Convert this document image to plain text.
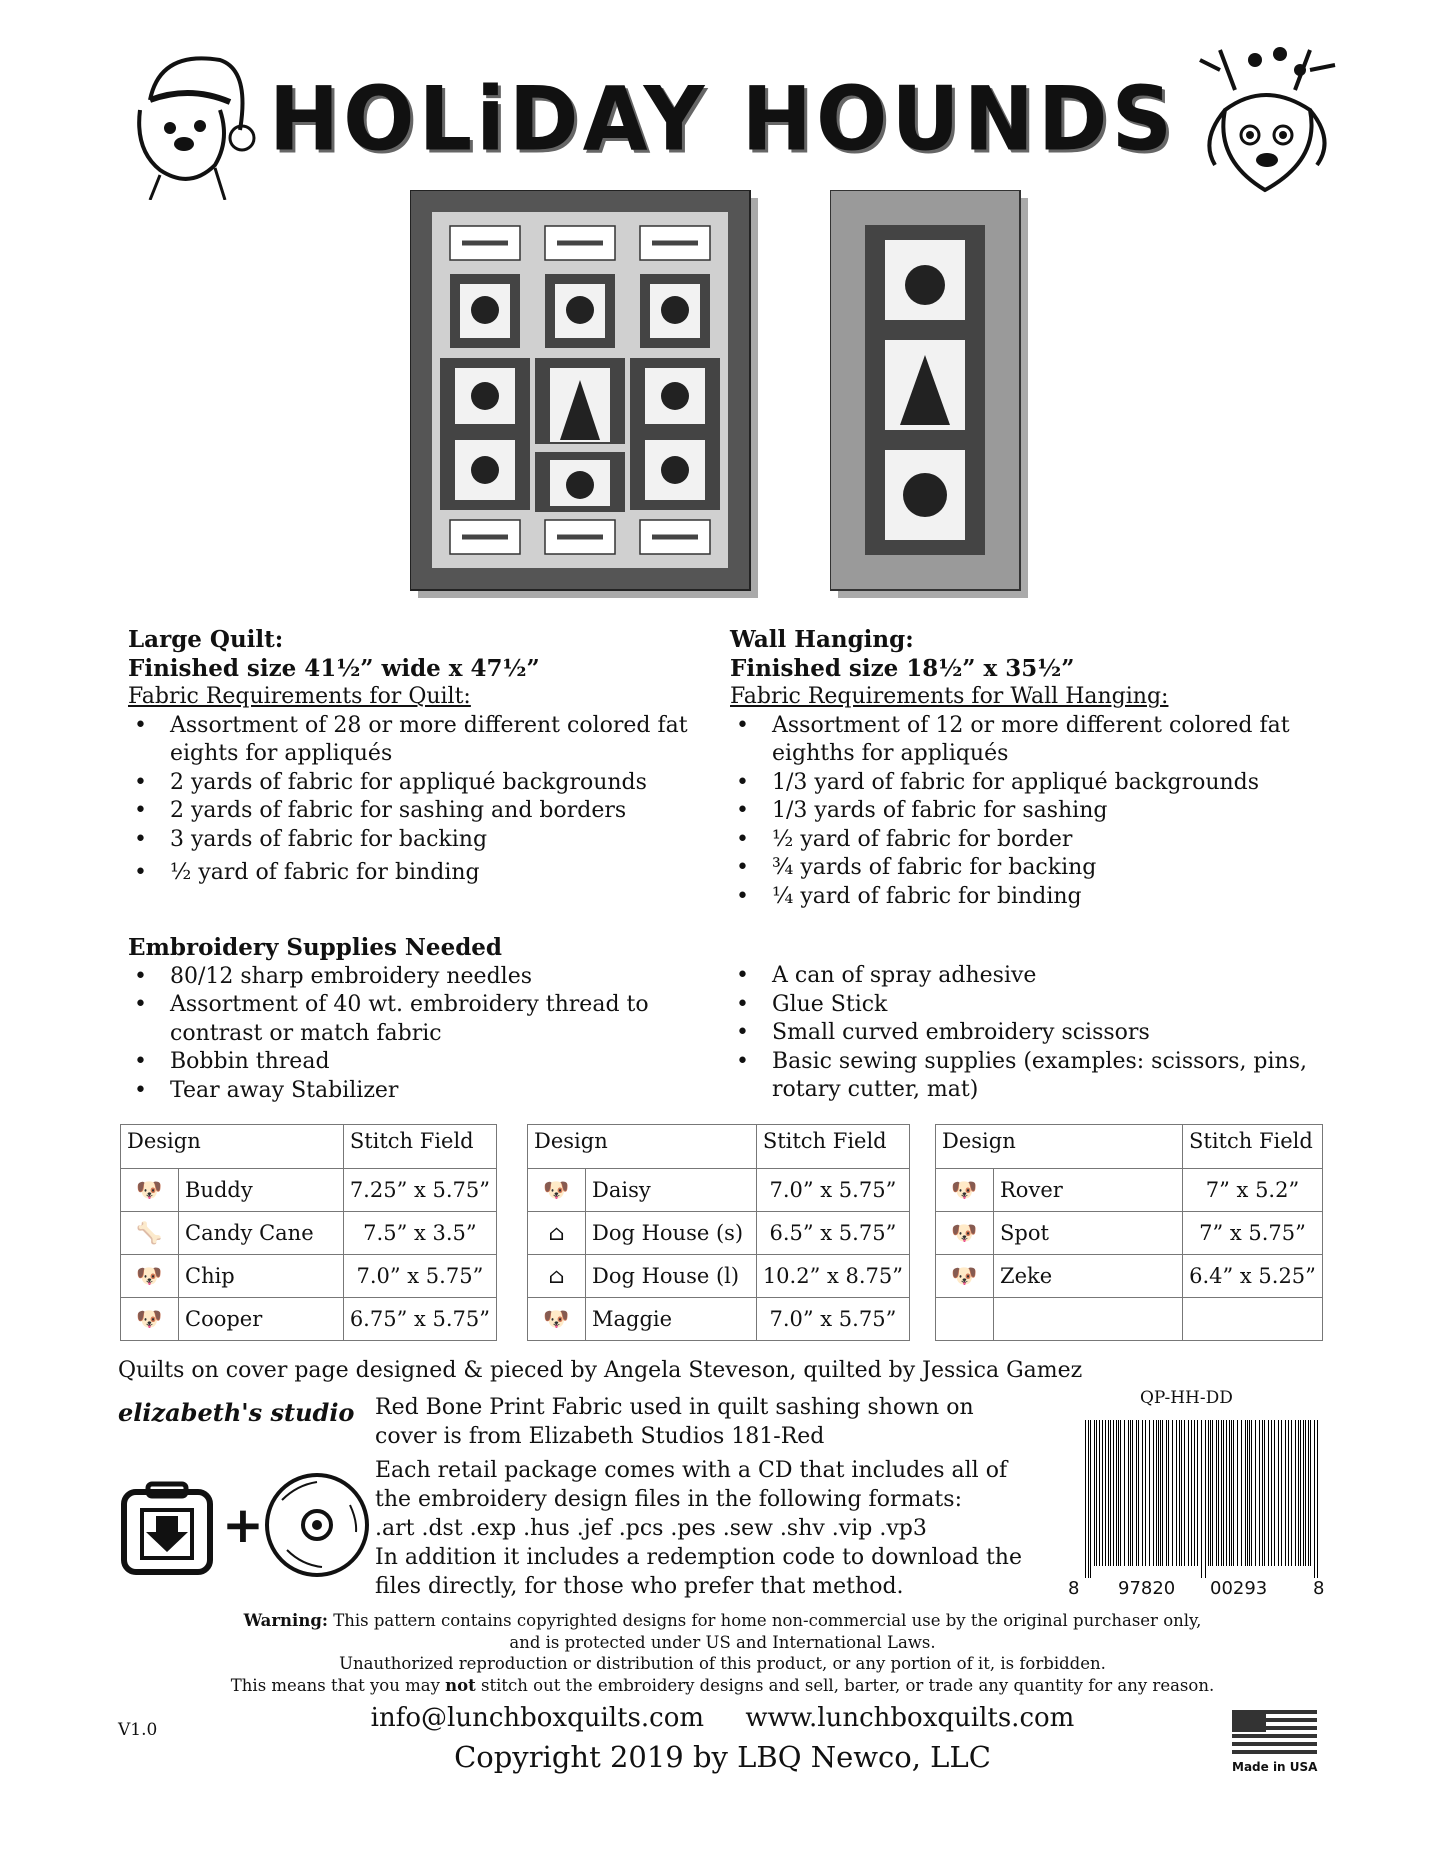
HOLiDAY HOUNDS
Large Quilt:
Finished size 41½” wide x 47½”
Fabric Requirements for Quilt:
• Assortment of 28 or more different colored fat eights for appliqués
• 2 yards of fabric for appliqué backgrounds
• 2 yards of fabric for sashing and borders
• 3 yards of fabric for backing
• ½ yard of fabric for binding
Wall Hanging:
Finished size 18½” x 35½”
Fabric Requirements for Wall Hanging:
• Assortment of 12 or more different colored fat eighths for appliqués
• 1/3 yard of fabric for appliqué backgrounds
• 1/3 yards of fabric for sashing
• ½ yard of fabric for border
• ¾ yards of fabric for backing
• ¼ yard of fabric for binding
Embroidery Supplies Needed
• 80/12 sharp embroidery needles
• Assortment of 40 wt. embroidery thread to contrast or match fabric
• Bobbin thread
• Tear away Stabilizer
• A can of spray adhesive
• Glue Stick
• Small curved embroidery scissors
• Basic sewing supplies (examples: scissors, pins, rotary cutter, mat)
Design		Stitch Field
🐶	Buddy	7.25” x 5.75”
🦴	Candy Cane	7.5” x 3.5”
🐶	Chip	7.0” x 5.75”
🐶	Cooper	6.75” x 5.75”
Design		Stitch Field
🐶	Daisy	7.0” x 5.75”
⌂	Dog House (s)	6.5” x 5.75”
⌂	Dog House (l)	10.2” x 8.75”
🐶	Maggie	7.0” x 5.75”
Design		Stitch Field
🐶	Rover	7” x 5.2”
🐶	Spot	7” x 5.75”
🐶	Zeke	6.4” x 5.25”

Quilts on cover page designed & pieced by Angela Steveson, quilted by Jessica Gamez
elizabeth's studio Red Bone Print Fabric used in quilt sashing shown on
cover is from Elizabeth Studios 181-Red
Each retail package comes with a CD that includes all of
the embroidery design files in the following formats:
.art .dst .exp .hus .jef .pcs .pes .sew .shv .vip .vp3
In addition it includes a redemption code to download the
files directly, for those who prefer that method.
+
QP-HH-DD
8 97820 00293	8
Warning: This pattern contains copyrighted designs for home non-commercial use by the original purchaser only,
and is protected under US and International Laws.
Unauthorized reproduction or distribution of this product, or any portion of it, is forbidden.
This means that you may not stitch out the embroidery designs and sell, barter, or trade any quantity for any reason.
info@lunchboxquilts.com     www.lunchboxquilts.com
V1.0
Copyright 2019 by LBQ Newco, LLC	Made in USA
